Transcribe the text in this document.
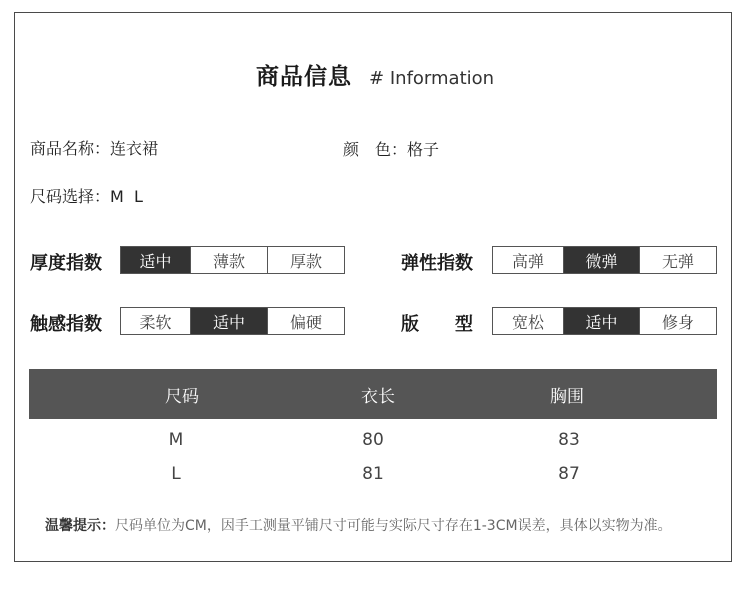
商品信息 # Information
商品名称：连衣裙	颜　色：格子
尺码选择：M  L
厚度指数	适中	薄款	厚款	弹性指数	高弹	微弹	无弹
触感指数	柔软	适中	偏硬	版　　型	宽松	适中	修身
尺码	衣长	胸围
M	80	83
L	81	87
温馨提示：尺码单位为CM，因手工测量平铺尺寸可能与实际尺寸存在1-3CM误差，具体以实物为准。
